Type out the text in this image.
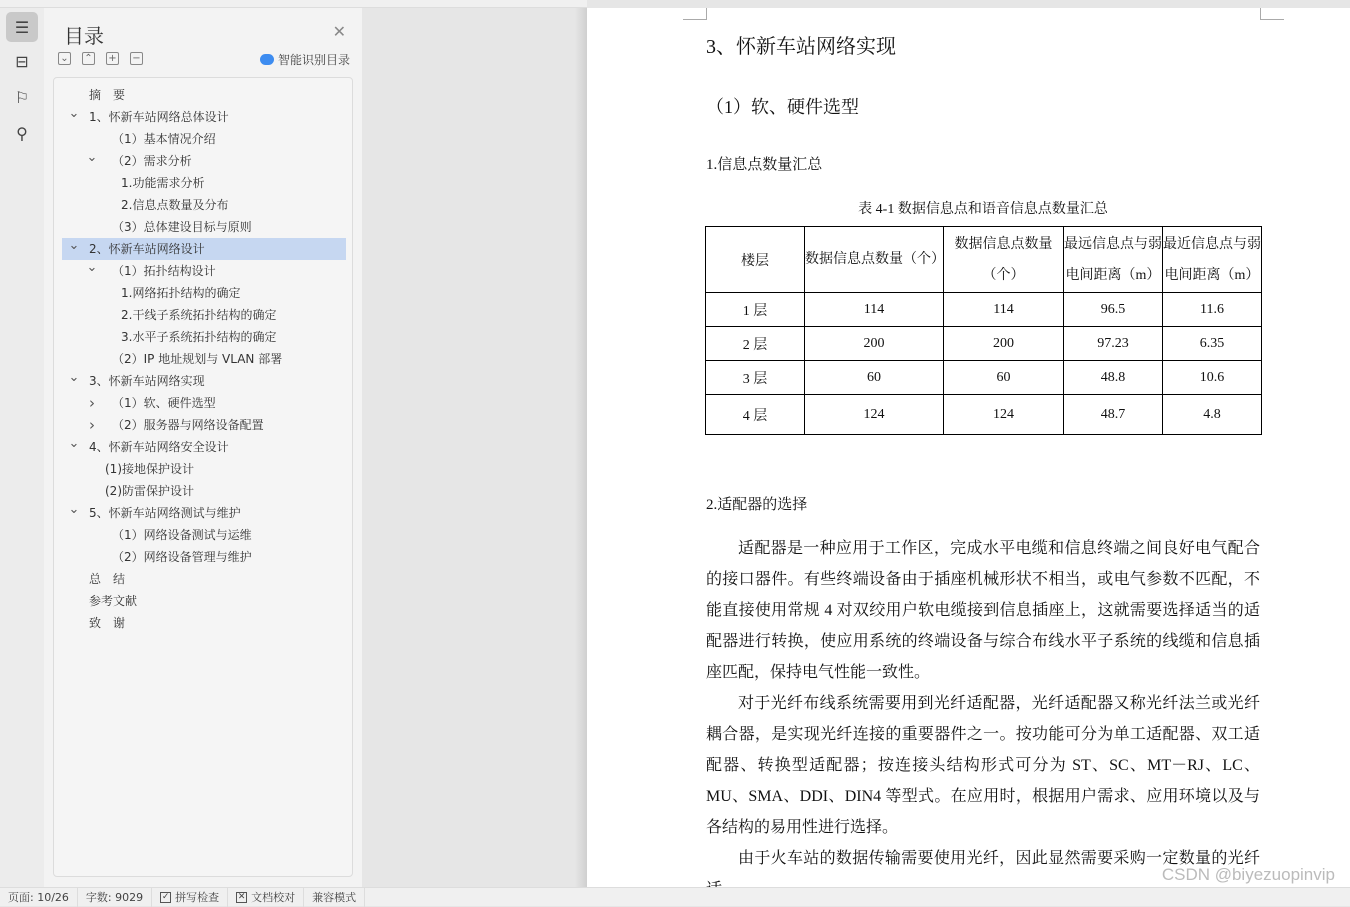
☰
⊟
⚐
⚲
目录	✕
⌄ ⌃ + −	智能识别目录
摘　要
⌄ 1、怀新车站网络总体设计
（1）基本情况介绍
⌄ （2）需求分析
1.功能需求分析
2.信息点数量及分布
（3）总体建设目标与原则
⌄ 2、怀新车站网络设计
⌄ （1）拓扑结构设计
1.网络拓扑结构的确定
2.干线子系统拓扑结构的确定
3.水平子系统拓扑结构的确定
（2）IP 地址规划与 VLAN 部署
⌄ 3、怀新车站网络实现
› （1）软、硬件选型
› （2）服务器与网络设备配置
⌄ 4、怀新车站网络安全设计
(1)接地保护设计
(2)防雷保护设计
⌄ 5、怀新车站网络测试与维护
（1）网络设备测试与运维
（2）网络设备管理与维护
总　结
参考文献
致　谢
3、怀新车站网络实现
（1）软、硬件选型
1.信息点数量汇总
表 4-1 数据信息点和语音信息点数量汇总
楼层	数据信息点数量（个）	数据信息点数量（个）	最远信息点与弱电间距离（m）	最近信息点与弱电间距离（m）
1 层	114	114	96.5	11.6
2 层	200	200	97.23	6.35
3 层	60	60	48.8	10.6
4 层	124	124	48.7	4.8
2.适配器的选择

适配器是一种应用于工作区，完成水平电缆和信息终端之间良好电气配合的接口器件。有些终端设备由于插座机械形状不相当，或电气参数不匹配，不能直接使用常规 4 对双绞用户软电缆接到信息插座上，这就需要选择适当的适配器进行转换，使应用系统的终端设备与综合布线水平子系统的线缆和信息插座匹配，保持电气性能一致性。

对于光纤布线系统需要用到光纤适配器，光纤适配器又称光纤法兰或光纤耦合器，是实现光纤连接的重要器件之一。按功能可分为单工适配器、双工适配器、转换型适配器；按连接头结构形式可分为 ST、SC、MT－RJ、LC、MU、SMA、DDI、DIN4 等型式。在应用时，根据用户需求、应用环境以及与各结构的易用性进行选择。

由于火车站的数据传输需要使用光纤，因此显然需要采购一定数量的光纤

CSDN @biyezuopinvip
页面: 10/26	字数: 9029	✓ 拼写检查 ✕ 文档校对	兼容模式
